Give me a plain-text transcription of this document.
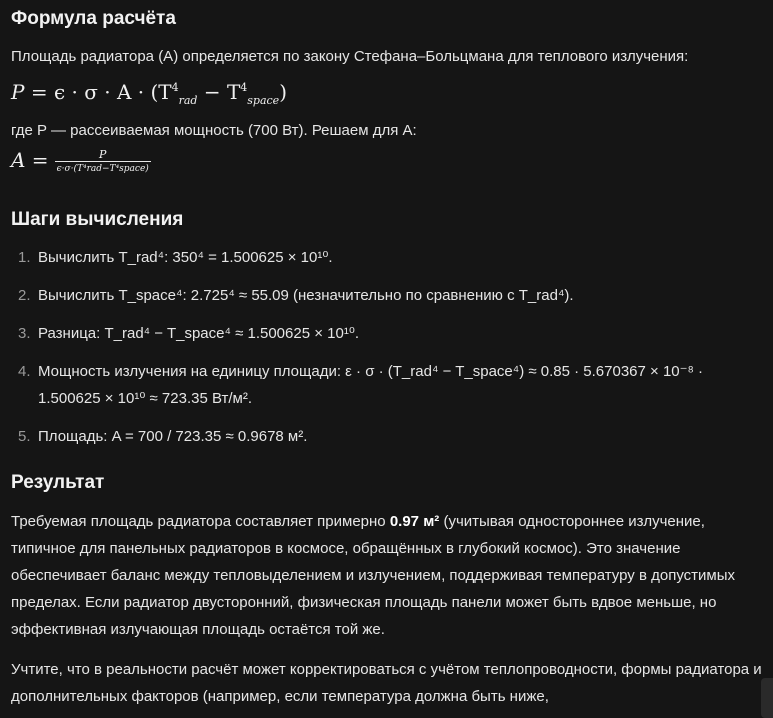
Формула расчёта
Площадь радиатора (A) определяется по закону Стефана–Больцмана для теплового излучения:
$P = \epsilon \cdot \sigma \cdot A \cdot (T^4_{rad} - T^4_{space})$
где P — рассеиваемая мощность (700 Вт). Решаем для A:
$A = \frac{P}{\text{ϵ·σ·(T⁴rad−T⁴space)}}$
Шаги вычисления
1. Вычислить T_rad⁴: 350⁴ = 1.500625 × 10¹⁰.
2. Вычислить T_space⁴: 2.725⁴ ≈ 55.09 (незначительно по сравнению с T_rad⁴).
3. Разница: T_rad⁴ − T_space⁴ ≈ 1.500625 × 10¹⁰.
4. Мощность излучения на единицу площади: ε · σ · (T_rad⁴ − T_space⁴) ≈ 0.85 · 5.670367 × 10⁻⁸ · 1.500625 × 10¹⁰ ≈ 723.35 Вт/м².
5. Площадь: A = 700 / 723.35 ≈ 0.9678 м².
Результат
Требуемая площадь радиатора составляет примерно 0.97 м² (учитывая одностороннее излучение, типичное для панельных радиаторов в космосе, обращённых в глубокий космос). Это значение обеспечивает баланс между тепловыделением и излучением, поддерживая температуру в допустимых пределах. Если радиатор двусторонний, физическая площадь панели может быть вдвое меньше, но эффективная излучающая площадь остаётся той же.
Учтите, что в реальности расчёт может корректироваться с учётом теплопроводности, формы радиатора и дополнительных факторов (например, если температура должна быть ниже,
